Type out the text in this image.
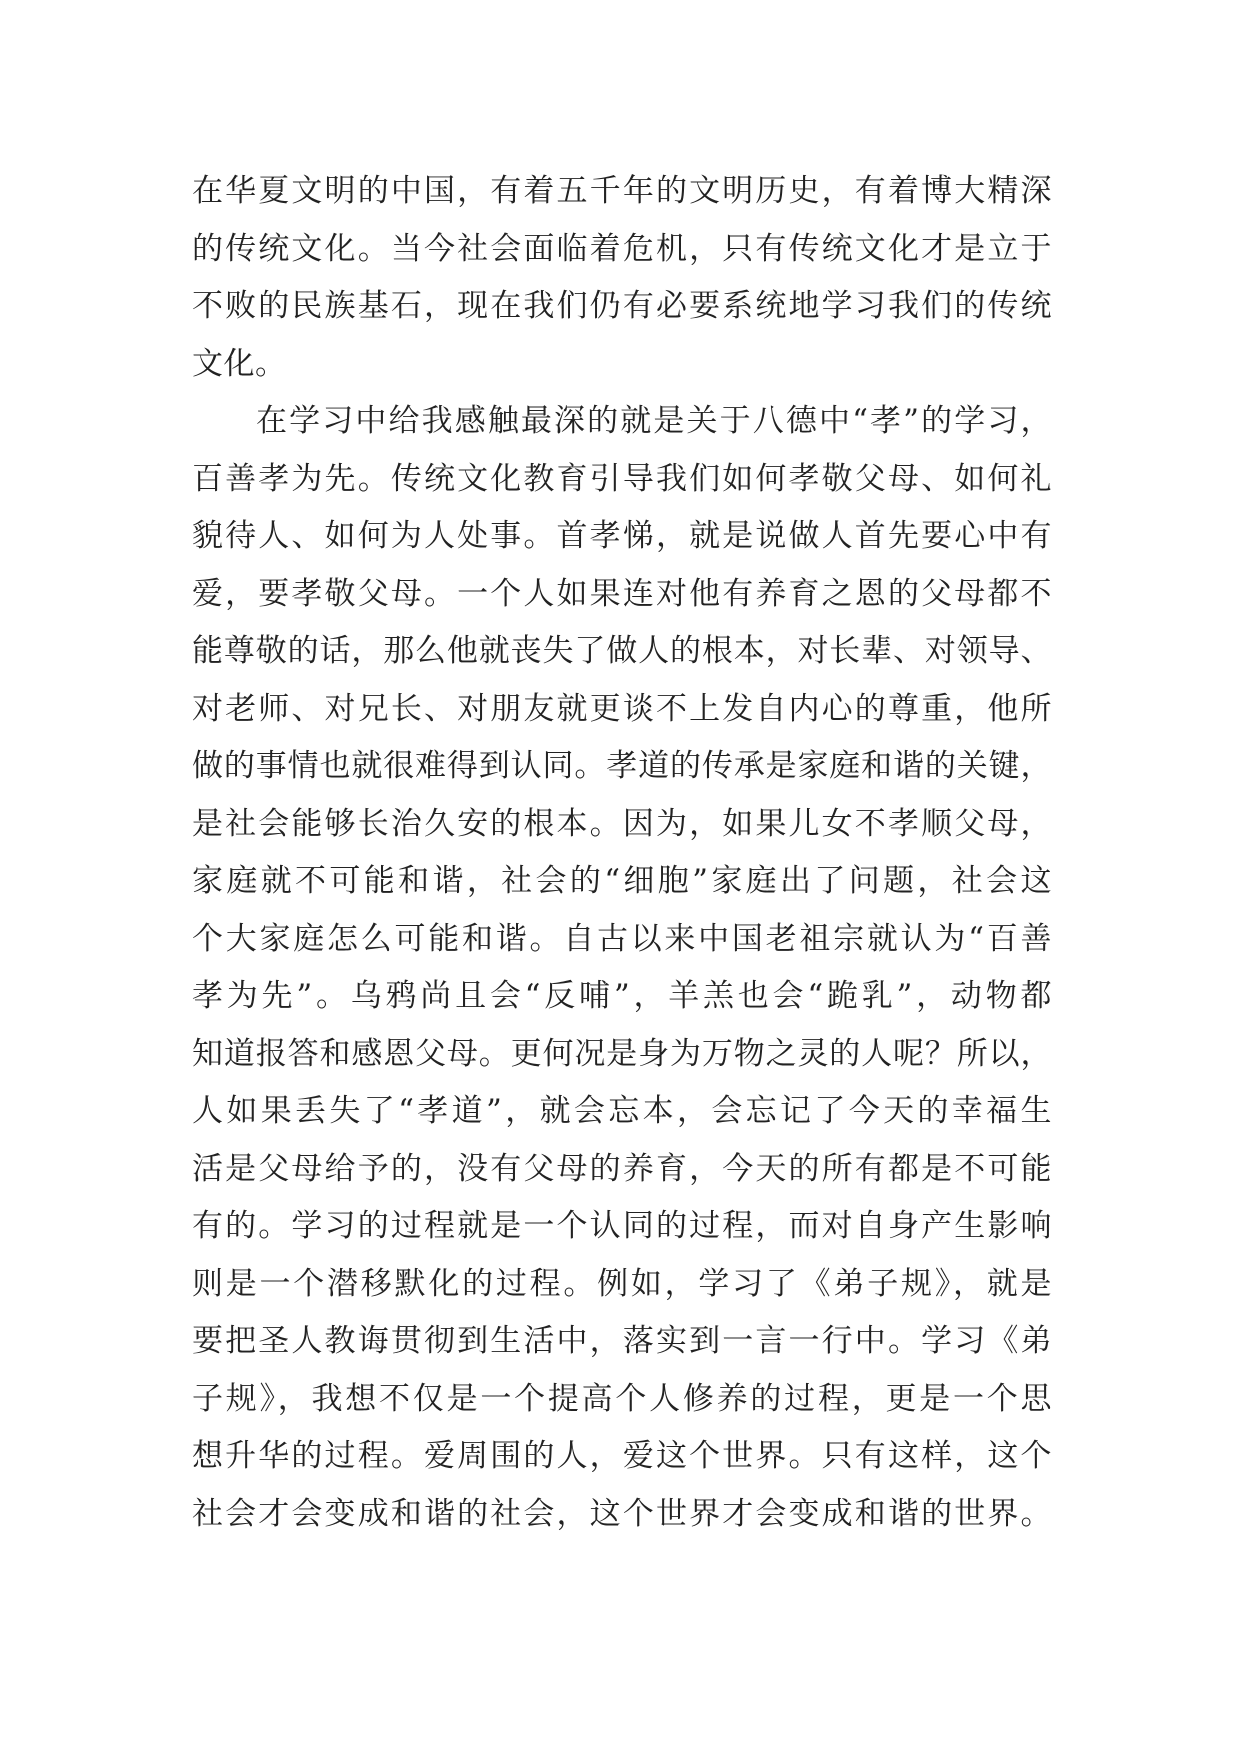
在华夏文明的中国，有着五千年的文明历史，有着博大精深
的传统文化。当今社会面临着危机，只有传统文化才是立于
不败的民族基石，现在我们仍有必要系统地学习我们的传统
文化。
在学习中给我感触最深的就是关于八德中“孝”的学习，
百善孝为先。传统文化教育引导我们如何孝敬父母、如何礼
貌待人、如何为人处事。首孝悌，就是说做人首先要心中有
爱，要孝敬父母。一个人如果连对他有养育之恩的父母都不
能尊敬的话，那么他就丧失了做人的根本，对长辈、对领导、
对老师、对兄长、对朋友就更谈不上发自内心的尊重，他所
做的事情也就很难得到认同。孝道的传承是家庭和谐的关键，
是社会能够长治久安的根本。因为，如果儿女不孝顺父母，
家庭就不可能和谐，社会的“细胞”家庭出了问题，社会这
个大家庭怎么可能和谐。自古以来中国老祖宗就认为“百善
孝为先”。乌鸦尚且会“反哺”，羊羔也会“跪乳”，动物都
知道报答和感恩父母。更何况是身为万物之灵的人呢？所以，
人如果丢失了“孝道”，就会忘本，会忘记了今天的幸福生
活是父母给予的，没有父母的养育，今天的所有都是不可能
有的。学习的过程就是一个认同的过程，而对自身产生影响
则是一个潜移默化的过程。例如，学习了《弟子规》，就是
要把圣人教诲贯彻到生活中，落实到一言一行中。学习《弟
子规》，我想不仅是一个提高个人修养的过程，更是一个思
想升华的过程。爱周围的人，爱这个世界。只有这样，这个
社会才会变成和谐的社会，这个世界才会变成和谐的世界。
